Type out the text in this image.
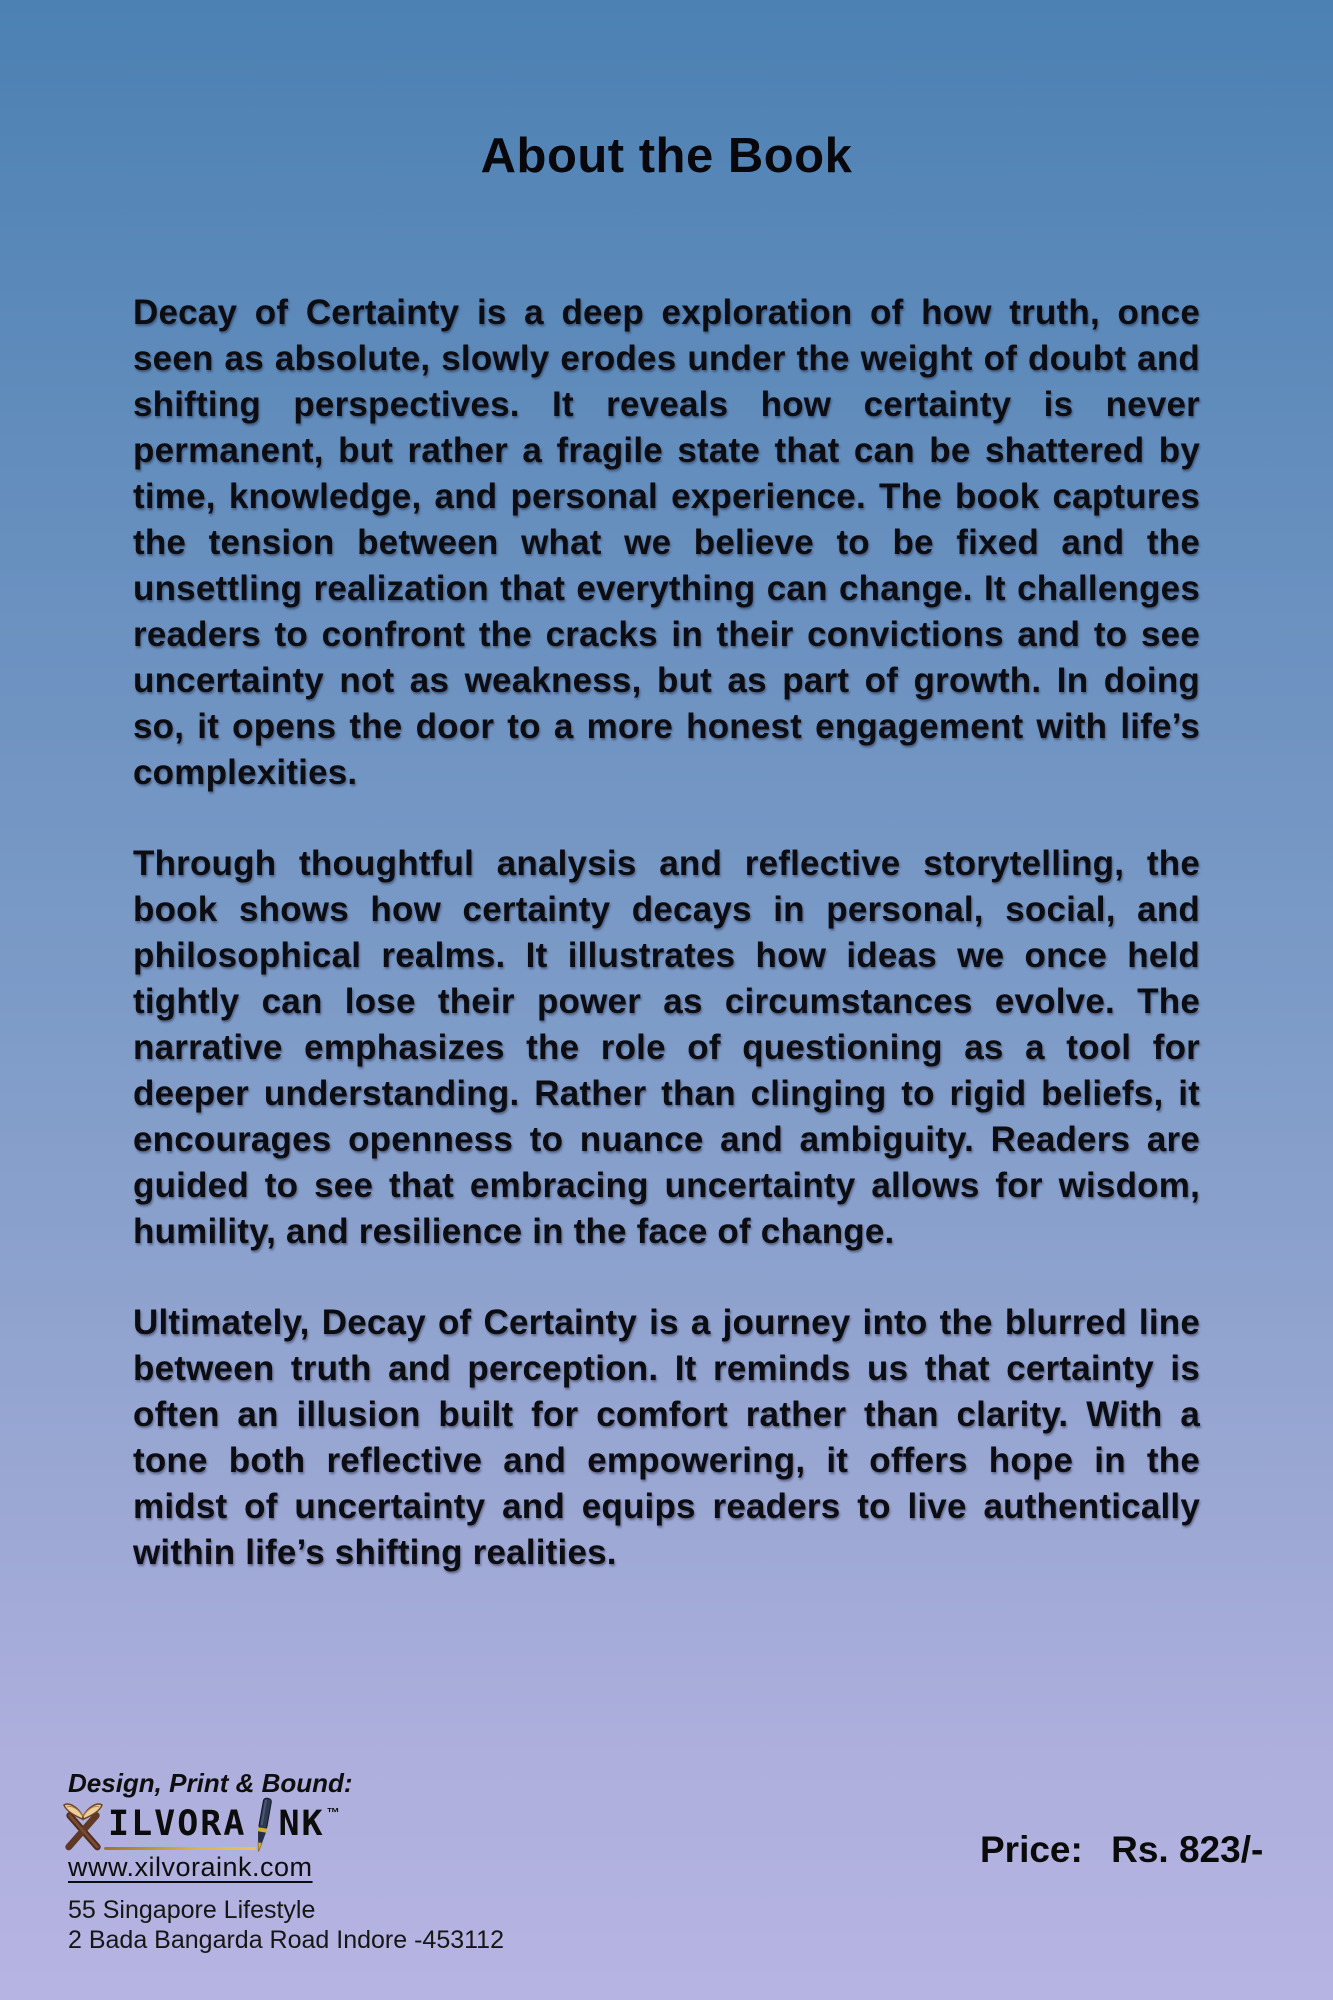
About the Book

Decay of Certainty is a deep exploration of how truth, once seen as absolute, slowly erodes under the weight of doubt and shifting perspectives. It reveals how certainty is never permanent, but rather a fragile state that can be shattered by time, knowledge, and personal experience. The book captures the tension between what we believe to be fixed and the unsettling realization that everything can change. It challenges readers to confront the cracks in their convictions and to see uncertainty not as weakness, but as part of growth. In doing so, it opens the door to a more honest engagement with life’s complexities.

Through thoughtful analysis and reflective storytelling, the book shows how certainty decays in personal, social, and philosophical realms. It illustrates how ideas we once held tightly can lose their power as circumstances evolve. The narrative emphasizes the role of questioning as a tool for deeper understanding. Rather than clinging to rigid beliefs, it encourages openness to nuance and ambiguity. Readers are guided to see that embracing uncertainty allows for wisdom, humility, and resilience in the face of change.

Ultimately, Decay of Certainty is a journey into the blurred line between truth and perception. It reminds us that certainty is often an illusion built for comfort rather than clarity. With a tone both reflective and empowering, it offers hope in the midst of uncertainty and equips readers to live authentically within life’s shifting realities.

Design, Print & Bound:
ILVORA NK ™
www.xilvoraink.com
55 Singapore Lifestyle
2 Bada Bangarda Road Indore -453112
Price: Rs. 823/-
